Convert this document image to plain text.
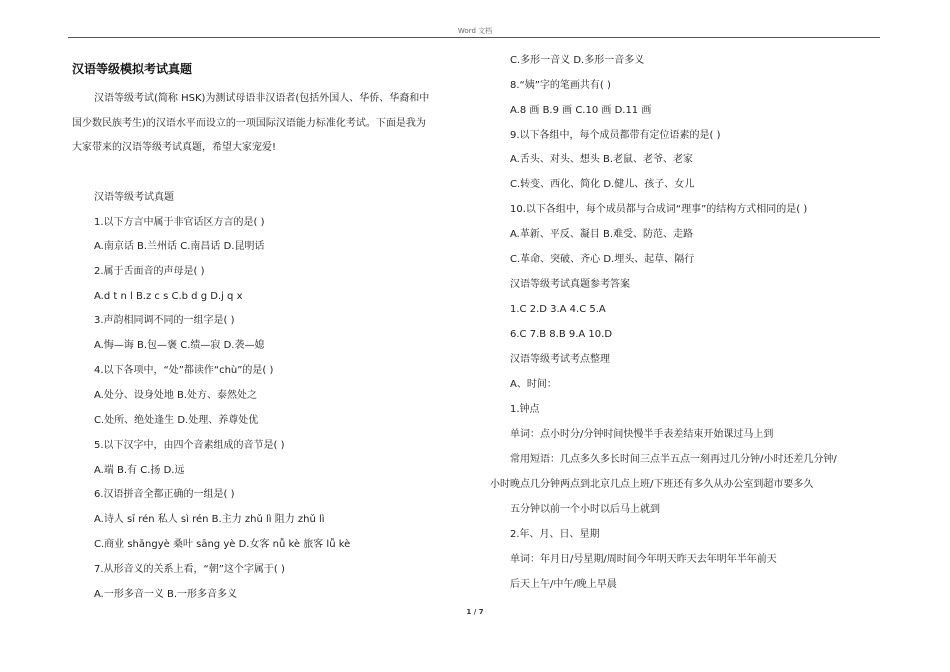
Word 文档
汉语等级模拟考试真题
汉语等级考试(简称 HSK)为测试母语非汉语者(包括外国人、华侨、华裔和中
国少数民族考生)的汉语水平而设立的一项国际汉语能力标准化考试。下面是我为
大家带来的汉语等级考试真题，希望大家宠爱!
汉语等级考试真题
1.以下方言中属于非官话区方言的是( )
A.南京话 B.兰州话 C.南昌话 D.昆明话
2.属于舌面音的声母是( )
A.d t n l B.z c s C.b d g D.j q x
3.声韵相同调不同的一组字是( )
A.悔—诲 B.包—褒 C.绩—寂 D.袭—媳
4.以下各项中，“处”都读作“chù”的是( )
A.处分、设身处地 B.处方、泰然处之
C.处所、绝处逢生 D.处理、养尊处优
5.以下汉字中，由四个音素组成的音节是( )
A.端 B.有 C.扬 D.远
6.汉语拼音全都正确的一组是( )
A.诗人 sī rén 私人 sì rén B.主力 zhǔ lì 阻力 zhǔ lì
C.商业 shāngyè 桑叶 sāng yè D.女客 nǚ kè 旅客 lǚ kè
7.从形音义的关系上看，“朝”这个字属于( )
A.一形多音一义 B.一形多音多义
C.多形一音义 D.多形一音多义
8.“姨”字的笔画共有( )
A.8 画 B.9 画 C.10 画 D.11 画
9.以下各组中，每个成员都带有定位语素的是( )
A.舌头、对头、想头 B.老鼠、老爷、老家
C.转变、西化、简化 D.健儿、孩子、女儿
10.以下各组中，每个成员都与合成词“理事”的结构方式相同的是( )
A.革新、平反、凝目 B.难受、防范、走路
C.革命、突破、齐心 D.埋头、起草、隔行
汉语等级考试真题参考答案
1.C 2.D 3.A 4.C 5.A
6.C 7.B 8.B 9.A 10.D
汉语等级考试考点整理
A、时间：
1.钟点
单词：点小时分/分钟时间快慢半手表差结束开始课过马上到
常用短语：几点多久多长时间三点半五点一刻再过几分钟/小时还差几分钟/
小时晚点几分钟两点到北京几点上班/下班还有多久从办公室到超市要多久
五分钟以前一个小时以后马上就到
2.年、月、日、星期
单词：年月日/号星期/周时间今年明天昨天去年明年半年前天
后天上午/中午/晚上早晨
1 / 7
